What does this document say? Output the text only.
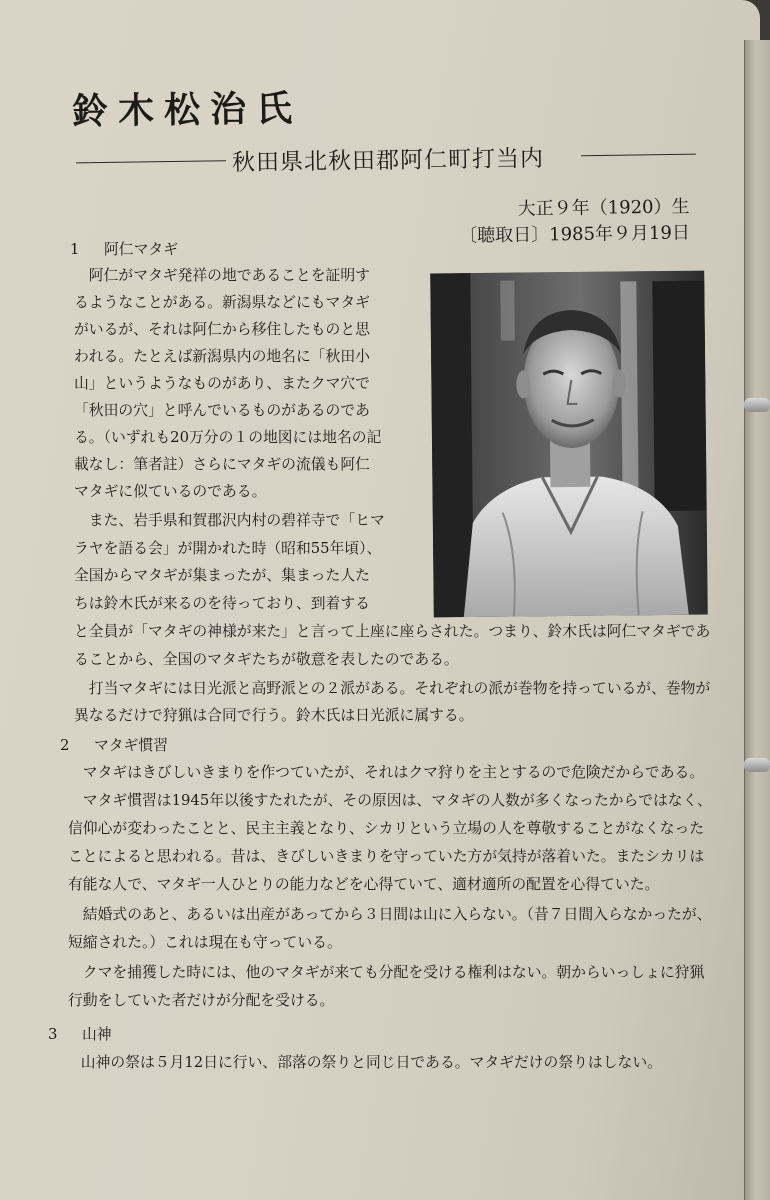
鈴木松治氏
秋田県北秋田郡阿仁町打当内
大正９年（1920）生
〔聴取日〕1985年９月19日
1 阿仁マタギ
　阿仁がマタギ発祥の地であることを証明す
るようなことがある。新潟県などにもマタギ
がいるが、それは阿仁から移住したものと思
われる。たとえば新潟県内の地名に「秋田小
山」というようなものがあり、またクマ穴で
「秋田の穴」と呼んでいるものがあるのであ
る。（いずれも20万分の１の地図には地名の記
載なし：筆者註）さらにマタギの流儀も阿仁
マタギに似ているのである。
　また、岩手県和賀郡沢内村の碧祥寺で「ヒマ
ラヤを語る会」が開かれた時（昭和55年頃）、
全国からマタギが集まったが、集まった人た
ちは鈴木氏が来るのを待っており、到着する
と全員が「マタギの神様が来た」と言って上座に座らされた。つまり、鈴木氏は阿仁マタギであ
ることから、全国のマタギたちが敬意を表したのである。
　打当マタギには日光派と高野派との２派がある。それぞれの派が巻物を持っているが、巻物が
異なるだけで狩猟は合同で行う。鈴木氏は日光派に属する。
2 マタギ慣習
　マタギはきびしいきまりを作つていたが、それはクマ狩りを主とするので危険だからである。
　マタギ慣習は1945年以後すたれたが、その原因は、マタギの人数が多くなったからではなく、
信仰心が変わったことと、民主主義となり、シカリという立場の人を尊敬することがなくなった
ことによると思われる。昔は、きびしいきまりを守っていた方が気持が落着いた。またシカリは
有能な人で、マタギ一人ひとりの能力などを心得ていて、適材適所の配置を心得ていた。
　結婚式のあと、あるいは出産があってから３日間は山に入らない。（昔７日間入らなかったが、
短縮された。）これは現在も守っている。
　クマを捕獲した時には、他のマタギが来ても分配を受ける権利はない。朝からいっしょに狩猟
行動をしていた者だけが分配を受ける。
3 山神
　山神の祭は５月12日に行い、部落の祭りと同じ日である。マタギだけの祭りはしない。
